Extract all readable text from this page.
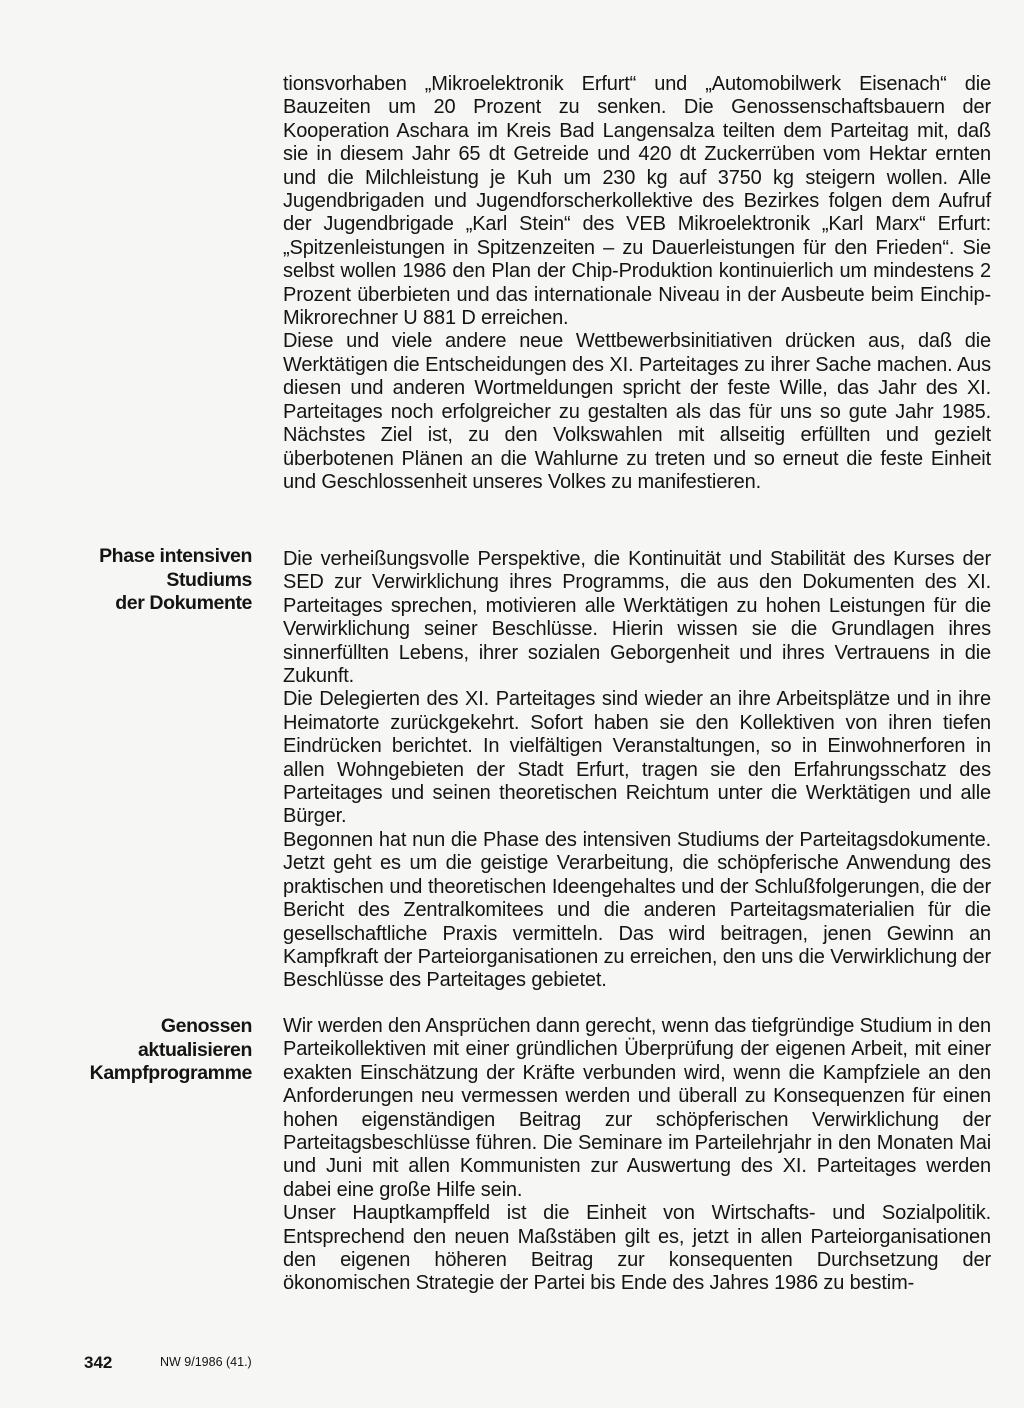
tionsvorhaben „Mikroelektronik Erfurt“ und „Automobilwerk Eisenach“ die Bauzeiten um 20 Prozent zu senken. Die Genossenschaftsbauern der Kooperation Aschara im Kreis Bad Langensalza teilten dem Parteitag mit, daß sie in diesem Jahr 65 dt Getreide und 420 dt Zuckerrüben vom Hektar ernten und die Milchleistung je Kuh um 230 kg auf 3750 kg steigern wollen. Alle Jugendbrigaden und Jugendforscherkollektive des Bezirkes folgen dem Aufruf der Jugendbrigade „Karl Stein“ des VEB Mikroelektronik „Karl Marx“ Erfurt: „Spitzenleistungen in Spitzenzeiten – zu Dauerleistungen für den Frieden“. Sie selbst wollen 1986 den Plan der Chip-Produktion kontinuierlich um mindestens 2 Prozent überbieten und das internationale Niveau in der Ausbeute beim Einchip-Mikrorechner U 881 D erreichen.

Diese und viele andere neue Wettbewerbsinitiativen drücken aus, daß die Werktätigen die Entscheidungen des XI. Parteitages zu ihrer Sache machen. Aus diesen und anderen Wortmeldungen spricht der feste Wille, das Jahr des XI. Parteitages noch erfolgreicher zu gestalten als das für uns so gute Jahr 1985. Nächstes Ziel ist, zu den Volkswahlen mit allseitig erfüllten und gezielt überbotenen Plänen an die Wahlurne zu treten und so erneut die feste Einheit und Geschlossenheit unseres Volkes zu manifestieren.

Phase intensiven
Studiums
der Dokumente

Die verheißungsvolle Perspektive, die Kontinuität und Stabilität des Kurses der SED zur Verwirklichung ihres Programms, die aus den Dokumenten des XI. Parteitages sprechen, motivieren alle Werktätigen zu hohen Leistungen für die Verwirklichung seiner Beschlüsse. Hierin wissen sie die Grundlagen ihres sinnerfüllten Lebens, ihrer sozialen Geborgenheit und ihres Vertrauens in die Zukunft.

Die Delegierten des XI. Parteitages sind wieder an ihre Arbeitsplätze und in ihre Heimatorte zurückgekehrt. Sofort haben sie den Kollektiven von ihren tiefen Eindrücken berichtet. In vielfältigen Veranstaltungen, so in Einwohnerforen in allen Wohngebieten der Stadt Erfurt, tragen sie den Erfahrungsschatz des Parteitages und seinen theoretischen Reichtum unter die Werktätigen und alle Bürger.

Begonnen hat nun die Phase des intensiven Studiums der Parteitagsdokumente. Jetzt geht es um die geistige Verarbeitung, die schöpferische Anwendung des praktischen und theoretischen Ideengehaltes und der Schlußfolgerungen, die der Bericht des Zentralkomitees und die anderen Parteitagsmaterialien für die gesellschaftliche Praxis vermitteln. Das wird beitragen, jenen Gewinn an Kampfkraft der Parteiorganisationen zu erreichen, den uns die Verwirklichung der Beschlüsse des Parteitages gebietet.

Genossen
aktualisieren
Kampfprogramme

Wir werden den Ansprüchen dann gerecht, wenn das tiefgründige Studium in den Parteikollektiven mit einer gründlichen Überprüfung der eigenen Arbeit, mit einer exakten Einschätzung der Kräfte verbunden wird, wenn die Kampfziele an den Anforderungen neu vermessen werden und überall zu Konsequenzen für einen hohen eigenständigen Beitrag zur schöpferischen Verwirklichung der Parteitagsbeschlüsse führen. Die Seminare im Parteilehrjahr in den Monaten Mai und Juni mit allen Kommunisten zur Auswertung des XI. Parteitages werden dabei eine große Hilfe sein.

Unser Hauptkampffeld ist die Einheit von Wirtschafts- und Sozialpolitik. Entsprechend den neuen Maßstäben gilt es, jetzt in allen Parteiorganisationen den eigenen höheren Beitrag zur konsequenten Durchsetzung der ökonomischen Strategie der Partei bis Ende des Jahres 1986 zu bestim-

342	NW 9/1986 (41.)
